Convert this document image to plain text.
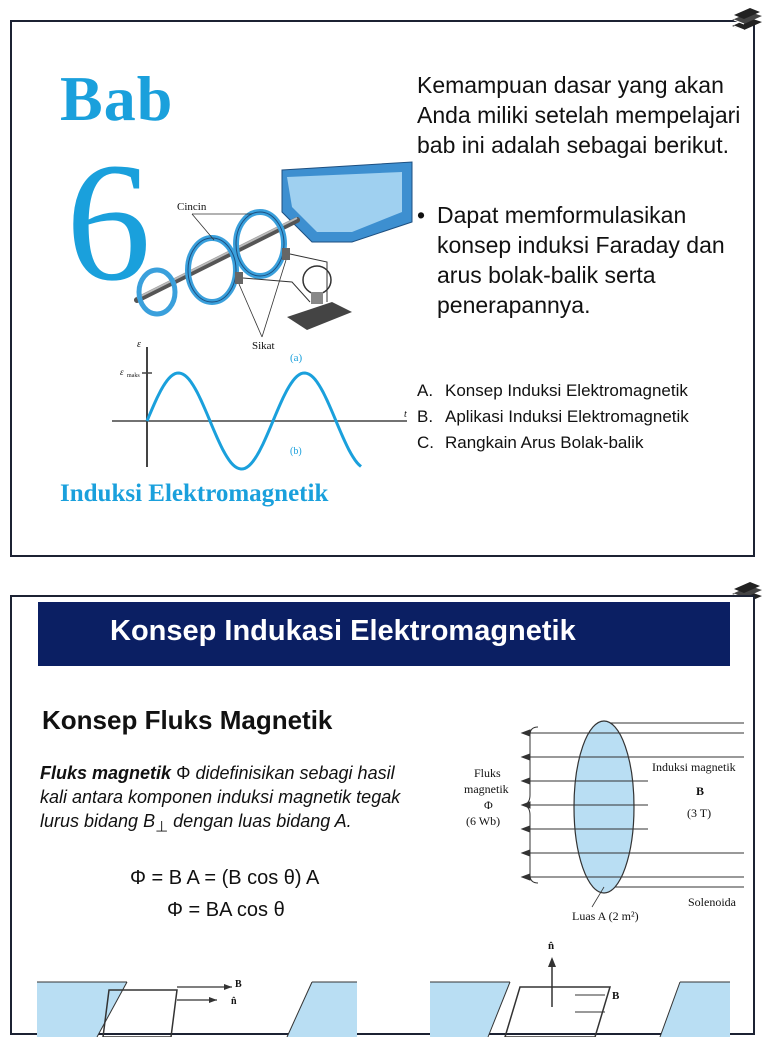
Bab
6 Cincin
Sikat
(a)
ε
ε maks
t
(b)
Induksi Elektromagnetik
Kemampuan dasar yang akan Anda miliki setelah mempelajari bab ini adalah sebagai berikut.
• Dapat memformulasikan konsep induksi Faraday dan arus bolak-balik serta penerapannya.
A. Konsep Induksi Elektromagnetik
B. Aplikasi Induksi Elektromagnetik
C. Rangkain Arus Bolak-balik
Konsep Indukasi Elektromagnetik
Konsep Fluks Magnetik
Fluks magnetik Φ didefinisikan sebagi hasil kali antara komponen induksi magnetik tegak lurus bidang $B_\perp$ dengan luas bidang A.
Φ = B A = (B cos θ) A
Φ = BA cos θ
Fluks
magnetik
Φ
(6 Wb)
Induksi magnetik
B
(3 T)
Solenoida
Luas A (2 m²)
B
n̂
n̂
B
